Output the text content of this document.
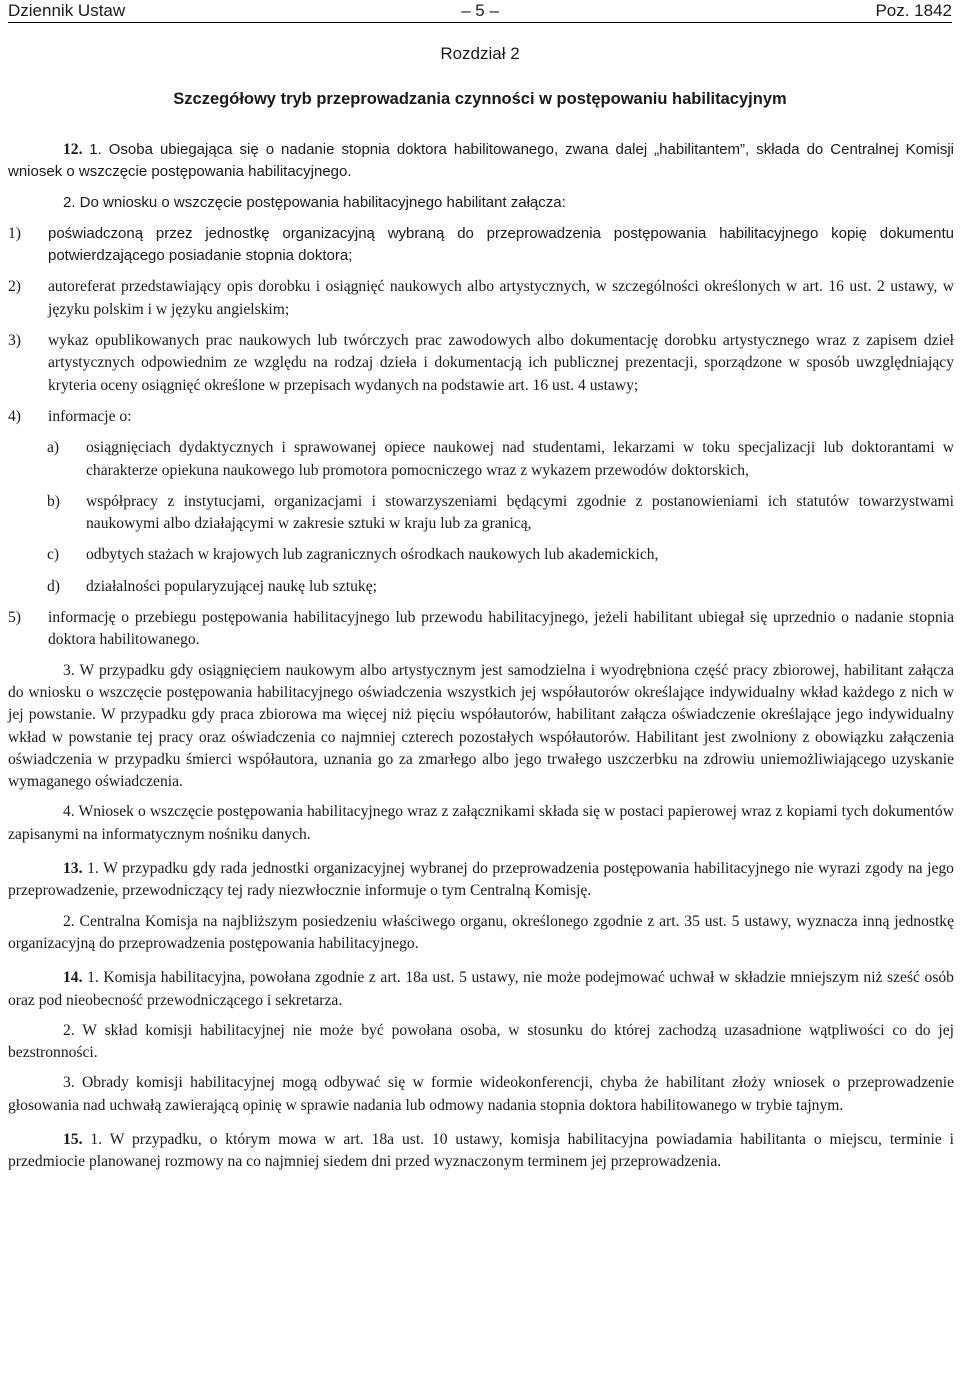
Dziennik Ustaw	– 5 –	Poz. 1842
Rozdział 2
Szczegółowy tryb przeprowadzania czynności w postępowaniu habilitacyjnym

12. 1. Osoba ubiegająca się o nadanie stopnia doktora habilitowanego, zwana dalej „habilitantem”, składa do Centralnej Komisji wniosek o wszczęcie postępowania habilitacyjnego.

2. Do wniosku o wszczęcie postępowania habilitacyjnego habilitant załącza:

1) poświadczoną przez jednostkę organizacyjną wybraną do przeprowadzenia postępowania habilitacyjnego kopię dokumentu potwierdzającego posiadanie stopnia doktora;
2) autoreferat przedstawiający opis dorobku i osiągnięć naukowych albo artystycznych, w szczególności określonych w art. 16 ust. 2 ustawy, w języku polskim i w języku angielskim;
3) wykaz opublikowanych prac naukowych lub twórczych prac zawodowych albo dokumentację dorobku artystycznego wraz z zapisem dzieł artystycznych odpowiednim ze względu na rodzaj dzieła i dokumentacją ich publicznej prezentacji, sporządzone w sposób uwzględniający kryteria oceny osiągnięć określone w przepisach wydanych na podstawie art. 16 ust. 4 ustawy;
4) informacje o:
a) osiągnięciach dydaktycznych i sprawowanej opiece naukowej nad studentami, lekarzami w toku specjalizacji lub doktorantami w charakterze opiekuna naukowego lub promotora pomocniczego wraz z wykazem przewodów doktorskich,
b) współpracy z instytucjami, organizacjami i stowarzyszeniami będącymi zgodnie z postanowieniami ich statutów towarzystwami naukowymi albo działającymi w zakresie sztuki w kraju lub za granicą,
c) odbytych stażach w krajowych lub zagranicznych ośrodkach naukowych lub akademickich,
d) działalności popularyzującej naukę lub sztukę;
5) informację o przebiegu postępowania habilitacyjnego lub przewodu habilitacyjnego, jeżeli habilitant ubiegał się uprzednio o nadanie stopnia doktora habilitowanego.

3. W przypadku gdy osiągnięciem naukowym albo artystycznym jest samodzielna i wyodrębniona część pracy zbiorowej, habilitant załącza do wniosku o wszczęcie postępowania habilitacyjnego oświadczenia wszystkich jej współautorów określające indywidualny wkład każdego z nich w jej powstanie. W przypadku gdy praca zbiorowa ma więcej niż pięciu współautorów, habilitant załącza oświadczenie określające jego indywidualny wkład w powstanie tej pracy oraz oświadczenia co najmniej czterech pozostałych współautorów. Habilitant jest zwolniony z obowiązku załączenia oświadczenia w przypadku śmierci współautora, uznania go za zmarłego albo jego trwałego uszczerbku na zdrowiu uniemożliwiającego uzyskanie wymaganego oświadczenia.

4. Wniosek o wszczęcie postępowania habilitacyjnego wraz z załącznikami składa się w postaci papierowej wraz z kopiami tych dokumentów zapisanymi na informatycznym nośniku danych.

13. 1. W przypadku gdy rada jednostki organizacyjnej wybranej do przeprowadzenia postępowania habilitacyjnego nie wyrazi zgody na jego przeprowadzenie, przewodniczący tej rady niezwłocznie informuje o tym Centralną Komisję.

2. Centralna Komisja na najbliższym posiedzeniu właściwego organu, określonego zgodnie z art. 35 ust. 5 ustawy, wyznacza inną jednostkę organizacyjną do przeprowadzenia postępowania habilitacyjnego.

14. 1. Komisja habilitacyjna, powołana zgodnie z art. 18a ust. 5 ustawy, nie może podejmować uchwał w składzie mniejszym niż sześć osób oraz pod nieobecność przewodniczącego i sekretarza.

2. W skład komisji habilitacyjnej nie może być powołana osoba, w stosunku do której zachodzą uzasadnione wątpliwości co do jej bezstronności.

3. Obrady komisji habilitacyjnej mogą odbywać się w formie wideokonferencji, chyba że habilitant złoży wniosek o przeprowadzenie głosowania nad uchwałą zawierającą opinię w sprawie nadania lub odmowy nadania stopnia doktora habilitowanego w trybie tajnym.

15. 1. W przypadku, o którym mowa w art. 18a ust. 10 ustawy, komisja habilitacyjna powiadamia habilitanta o miejscu, terminie i przedmiocie planowanej rozmowy na co najmniej siedem dni przed wyznaczonym terminem jej przeprowadzenia.
